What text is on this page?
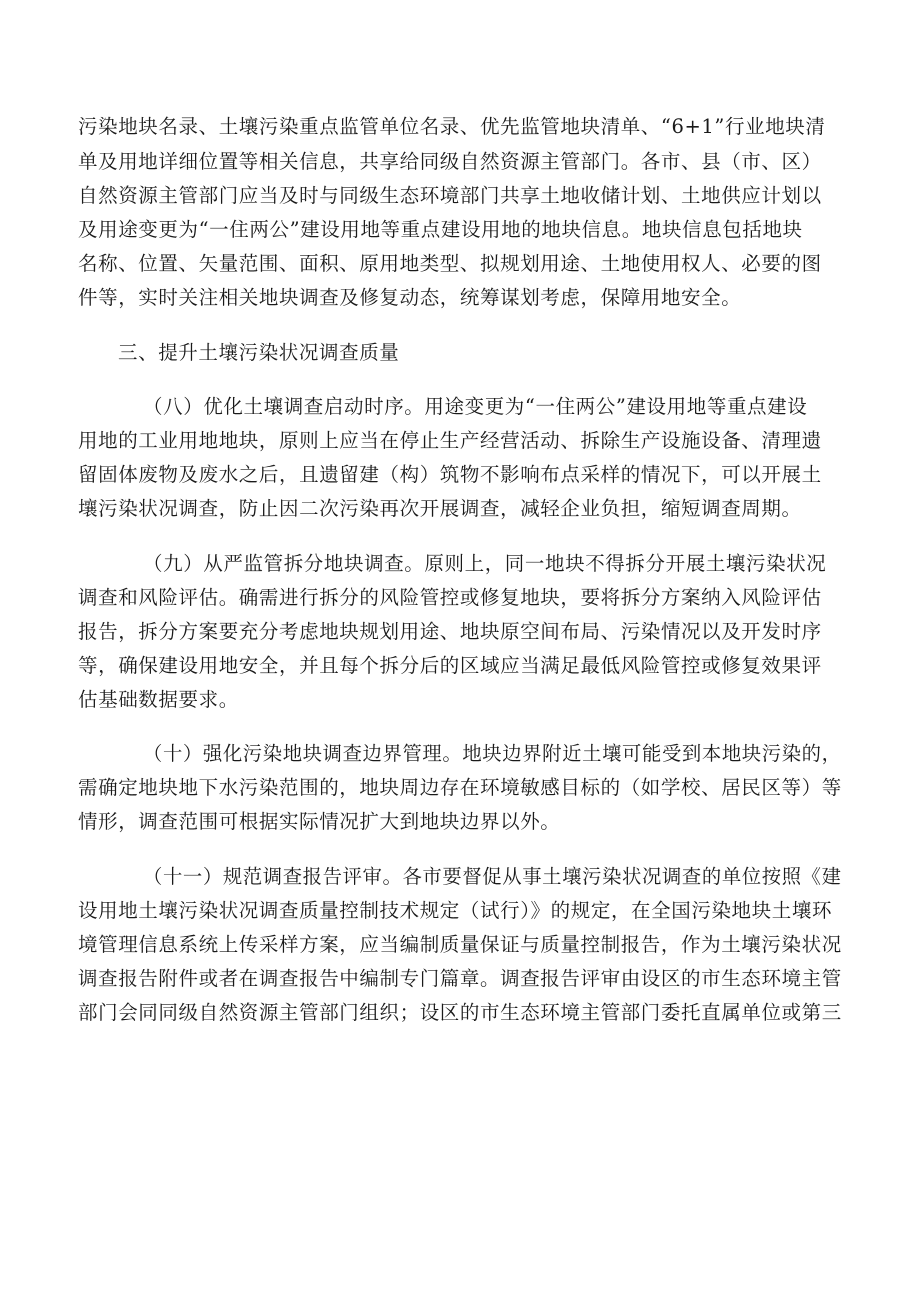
污染地块名录、土壤污染重点监管单位名录、优先监管地块清单、“6+1”行业地块清
单及用地详细位置等相关信息，共享给同级自然资源主管部门。各市、县（市、区）
自然资源主管部门应当及时与同级生态环境部门共享土地收储计划、土地供应计划以
及用途变更为“一住两公”建设用地等重点建设用地的地块信息。地块信息包括地块
名称、位置、矢量范围、面积、原用地类型、拟规划用途、土地使用权人、必要的图
件等，实时关注相关地块调查及修复动态，统筹谋划考虑，保障用地安全。
三、提升土壤污染状况调查质量
（八）优化土壤调查启动时序。用途变更为“一住两公”建设用地等重点建设
用地的工业用地地块，原则上应当在停止生产经营活动、拆除生产设施设备、清理遗
留固体废物及废水之后，且遗留建（构）筑物不影响布点采样的情况下，可以开展土
壤污染状况调查，防止因二次污染再次开展调查，减轻企业负担，缩短调查周期。
（九）从严监管拆分地块调查。原则上，同一地块不得拆分开展土壤污染状况
调查和风险评估。确需进行拆分的风险管控或修复地块，要将拆分方案纳入风险评估
报告，拆分方案要充分考虑地块规划用途、地块原空间布局、污染情况以及开发时序
等，确保建设用地安全，并且每个拆分后的区域应当满足最低风险管控或修复效果评
估基础数据要求。
（十）强化污染地块调查边界管理。地块边界附近土壤可能受到本地块污染的，
需确定地块地下水污染范围的，地块周边存在环境敏感目标的（如学校、居民区等）等
情形，调查范围可根据实际情况扩大到地块边界以外。
（十一）规范调查报告评审。各市要督促从事土壤污染状况调查的单位按照《建
设用地土壤污染状况调查质量控制技术规定（试行）》的规定，在全国污染地块土壤环
境管理信息系统上传采样方案，应当编制质量保证与质量控制报告，作为土壤污染状况
调查报告附件或者在调查报告中编制专门篇章。调查报告评审由设区的市生态环境主管
部门会同同级自然资源主管部门组织；设区的市生态环境主管部门委托直属单位或第三
